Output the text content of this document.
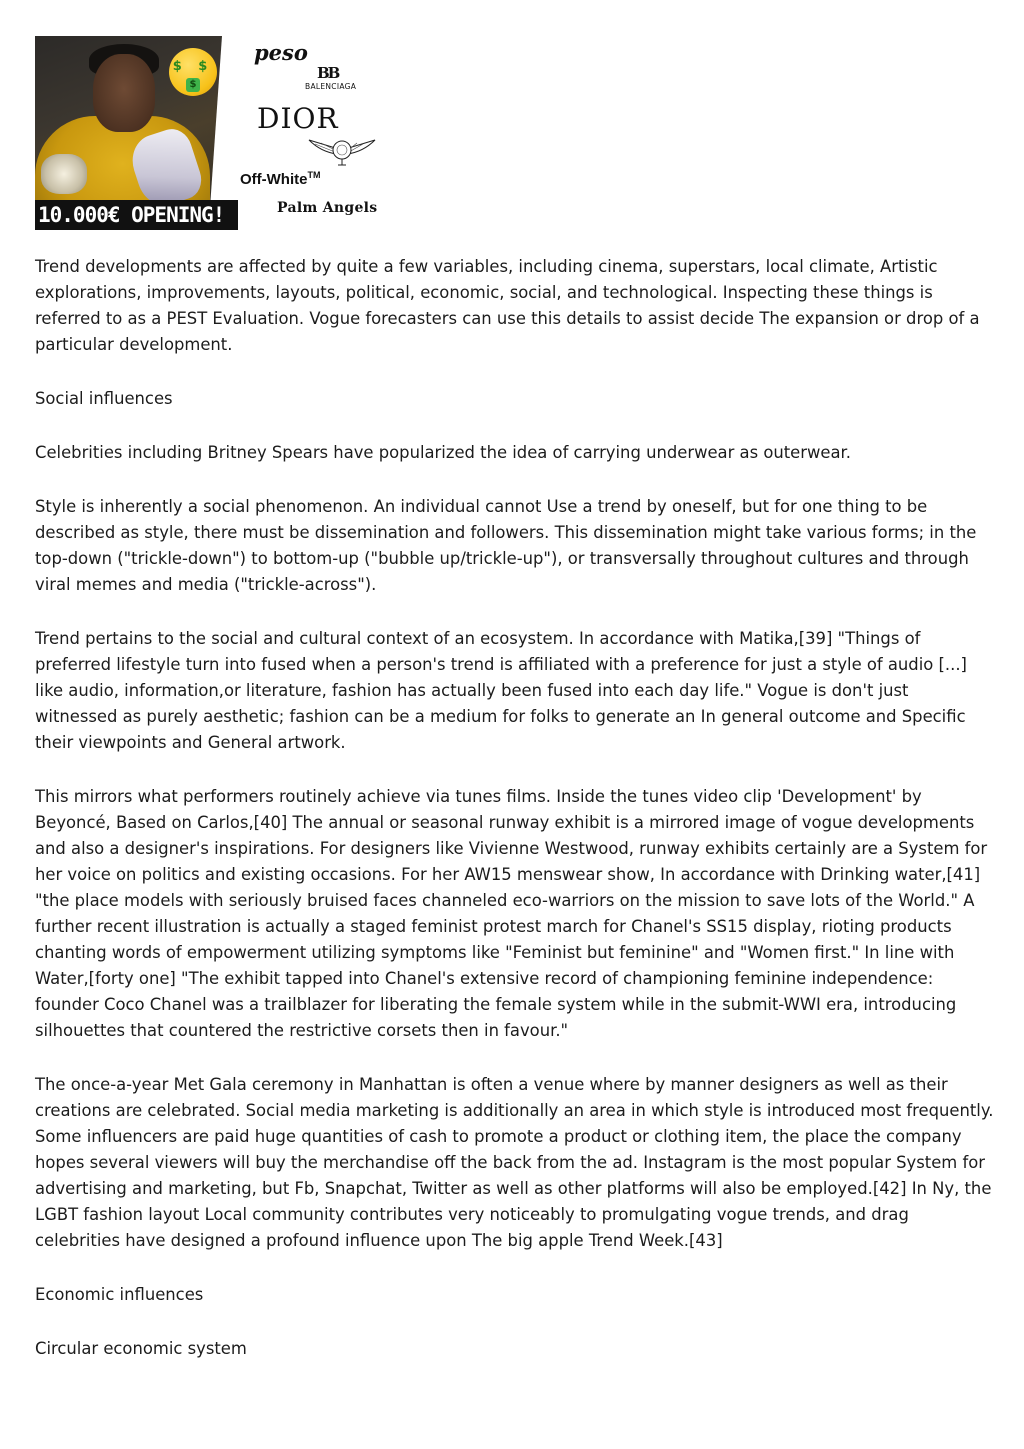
$ $
$
10.000€ OPENING!
peso
BB
BALENCIAGA
DIOR
Off-White™
Palm Angels

Trend developments are affected by quite a few variables, including cinema, superstars, local climate, Artistic explorations, improvements, layouts, political, economic, social, and technological. Inspecting these things is referred to as a PEST Evaluation. Vogue forecasters can use this details to assist decide The expansion or drop of a particular development.

Social influences

Celebrities including Britney Spears have popularized the idea of carrying underwear as outerwear.

Style is inherently a social phenomenon. An individual cannot Use a trend by oneself, but for one thing to be described as style, there must be dissemination and followers. This dissemination might take various forms; in the top-down ("trickle-down") to bottom-up ("bubble up/trickle-up"), or transversally throughout cultures and through viral memes and media ("trickle-across").

Trend pertains to the social and cultural context of an ecosystem. In accordance with Matika,[39] "Things of preferred lifestyle turn into fused when a person's trend is affiliated with a preference for just a style of audio [...] like audio, information,or literature, fashion has actually been fused into each day life." Vogue is don't just witnessed as purely aesthetic; fashion can be a medium for folks to generate an In general outcome and Specific their viewpoints and General artwork.

This mirrors what performers routinely achieve via tunes films. Inside the tunes video clip 'Development' by Beyoncé, Based on Carlos,[40] The annual or seasonal runway exhibit is a mirrored image of vogue developments and also a designer's inspirations. For designers like Vivienne Westwood, runway exhibits certainly are a System for her voice on politics and existing occasions. For her AW15 menswear show, In accordance with Drinking water,[41] "the place models with seriously bruised faces channeled eco-warriors on the mission to save lots of the World." A further recent illustration is actually a staged feminist protest march for Chanel's SS15 display, rioting products chanting words of empowerment utilizing symptoms like "Feminist but feminine" and "Women first." In line with Water,[forty one] "The exhibit tapped into Chanel's extensive record of championing feminine independence: founder Coco Chanel was a trailblazer for liberating the female system while in the submit-WWI era, introducing silhouettes that countered the restrictive corsets then in favour."

The once-a-year Met Gala ceremony in Manhattan is often a venue where by manner designers as well as their creations are celebrated. Social media marketing is additionally an area in which style is introduced most frequently. Some influencers are paid huge quantities of cash to promote a product or clothing item, the place the company hopes several viewers will buy the merchandise off the back from the ad. Instagram is the most popular System for advertising and marketing, but Fb, Snapchat, Twitter as well as other platforms will also be employed.[42] In Ny, the LGBT fashion layout Local community contributes very noticeably to promulgating vogue trends, and drag celebrities have designed a profound influence upon The big apple Trend Week.[43]

Economic influences

Circular economic system
